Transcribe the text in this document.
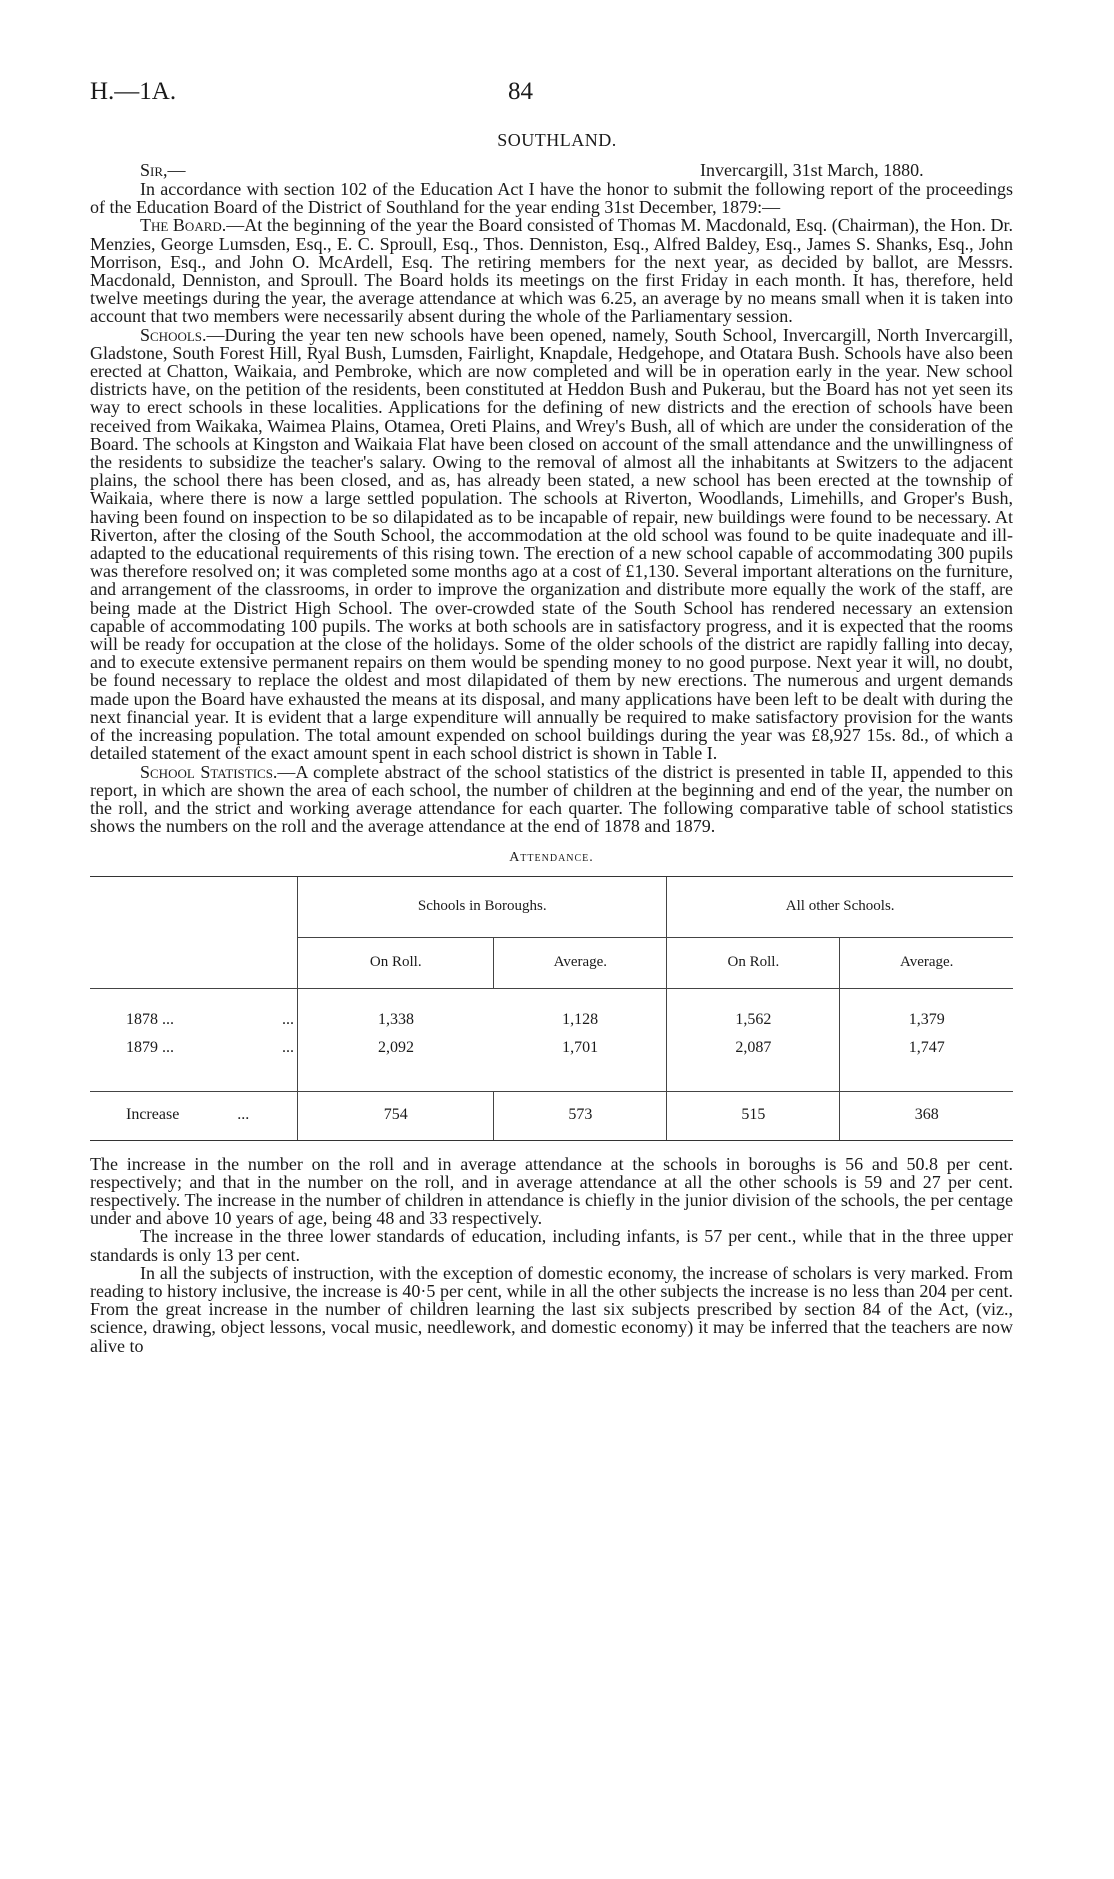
H.—1A.	84
SOUTHLAND.
Sir,—	Invercargill, 31st March, 1880.

In accordance with section 102 of the Education Act I have the honor to submit the following report of the proceedings of the Education Board of the District of Southland for the year ending 31st December, 1879:—

The Board.—At the beginning of the year the Board consisted of Thomas M. Macdonald, Esq. (Chairman), the Hon. Dr. Menzies, George Lumsden, Esq., E. C. Sproull, Esq., Thos. Denniston, Esq., Alfred Baldey, Esq., James S. Shanks, Esq., John Morrison, Esq., and John O. McArdell, Esq. The retiring members for the next year, as decided by ballot, are Messrs. Macdonald, Denniston, and Sproull. The Board holds its meetings on the first Friday in each month. It has, therefore, held twelve meetings during the year, the average attendance at which was 6.25, an average by no means small when it is taken into account that two members were necessarily absent during the whole of the Parliamentary session.

Schools.—During the year ten new schools have been opened, namely, South School, Invercargill, North Invercargill, Gladstone, South Forest Hill, Ryal Bush, Lumsden, Fairlight, Knapdale, Hedgehope, and Otatara Bush. Schools have also been erected at Chatton, Waikaia, and Pembroke, which are now completed and will be in operation early in the year. New school districts have, on the petition of the residents, been constituted at Heddon Bush and Pukerau, but the Board has not yet seen its way to erect schools in these localities. Applications for the defining of new districts and the erection of schools have been received from Waikaka, Waimea Plains, Otamea, Oreti Plains, and Wrey's Bush, all of which are under the consideration of the Board. The schools at Kingston and Waikaia Flat have been closed on account of the small attendance and the unwillingness of the residents to subsidize the teacher's salary. Owing to the removal of almost all the inhabitants at Switzers to the adjacent plains, the school there has been closed, and as, has already been stated, a new school has been erected at the township of Waikaia, where there is now a large settled population. The schools at Riverton, Woodlands, Limehills, and Groper's Bush, having been found on inspection to be so dilapidated as to be incapable of repair, new buildings were found to be necessary. At Riverton, after the closing of the South School, the accommodation at the old school was found to be quite inadequate and ill-adapted to the educational requirements of this rising town. The erection of a new school capable of accommodating 300 pupils was therefore resolved on; it was completed some months ago at a cost of £1,130. Several important alterations on the furniture, and arrangement of the classrooms, in order to improve the organization and distribute more equally the work of the staff, are being made at the District High School. The over-crowded state of the South School has rendered necessary an extension capable of accommodating 100 pupils. The works at both schools are in satisfactory progress, and it is expected that the rooms will be ready for occupation at the close of the holidays. Some of the older schools of the district are rapidly falling into decay, and to execute extensive permanent repairs on them would be spending money to no good purpose. Next year it will, no doubt, be found necessary to replace the oldest and most dilapidated of them by new erections. The numerous and urgent demands made upon the Board have exhausted the means at its disposal, and many applications have been left to be dealt with during the next financial year. It is evident that a large expenditure will annually be required to make satisfactory provision for the wants of the increasing population. The total amount expended on school buildings during the year was £8,927 15s. 8d., of which a detailed statement of the exact amount spent in each school district is shown in Table I.

School Statistics.—A complete abstract of the school statistics of the district is presented in table II, appended to this report, in which are shown the area of each school, the number of children at the beginning and end of the year, the number on the roll, and the strict and working average attendance for each quarter. The following comparative table of school statistics shows the numbers on the roll and the average attendance at the end of 1878 and 1879.

Attendance.
	Schools in Boroughs.		All other Schools.	
	On Roll.	Average.	On Roll.	Average.
1878 ... ...	1,338	1,128	1,562	1,379
1879 ... ...	2,092	1,701	2,087	1,747

Increase ...	754	573	515	368

The increase in the number on the roll and in average attendance at the schools in boroughs is 56 and 50.8 per cent. respectively; and that in the number on the roll, and in average attendance at all the other schools is 59 and 27 per cent. respectively. The increase in the number of children in attendance is chiefly in the junior division of the schools, the per centage under and above 10 years of age, being 48 and 33 respectively.

The increase in the three lower standards of education, including infants, is 57 per cent., while that in the three upper standards is only 13 per cent.

In all the subjects of instruction, with the exception of domestic economy, the increase of scholars is very marked. From reading to history inclusive, the increase is 40·5 per cent, while in all the other subjects the increase is no less than 204 per cent. From the great increase in the number of children learning the last six subjects prescribed by section 84 of the Act, (viz., science, drawing, object lessons, vocal music, needlework, and domestic economy) it may be inferred that the teachers are now alive to
